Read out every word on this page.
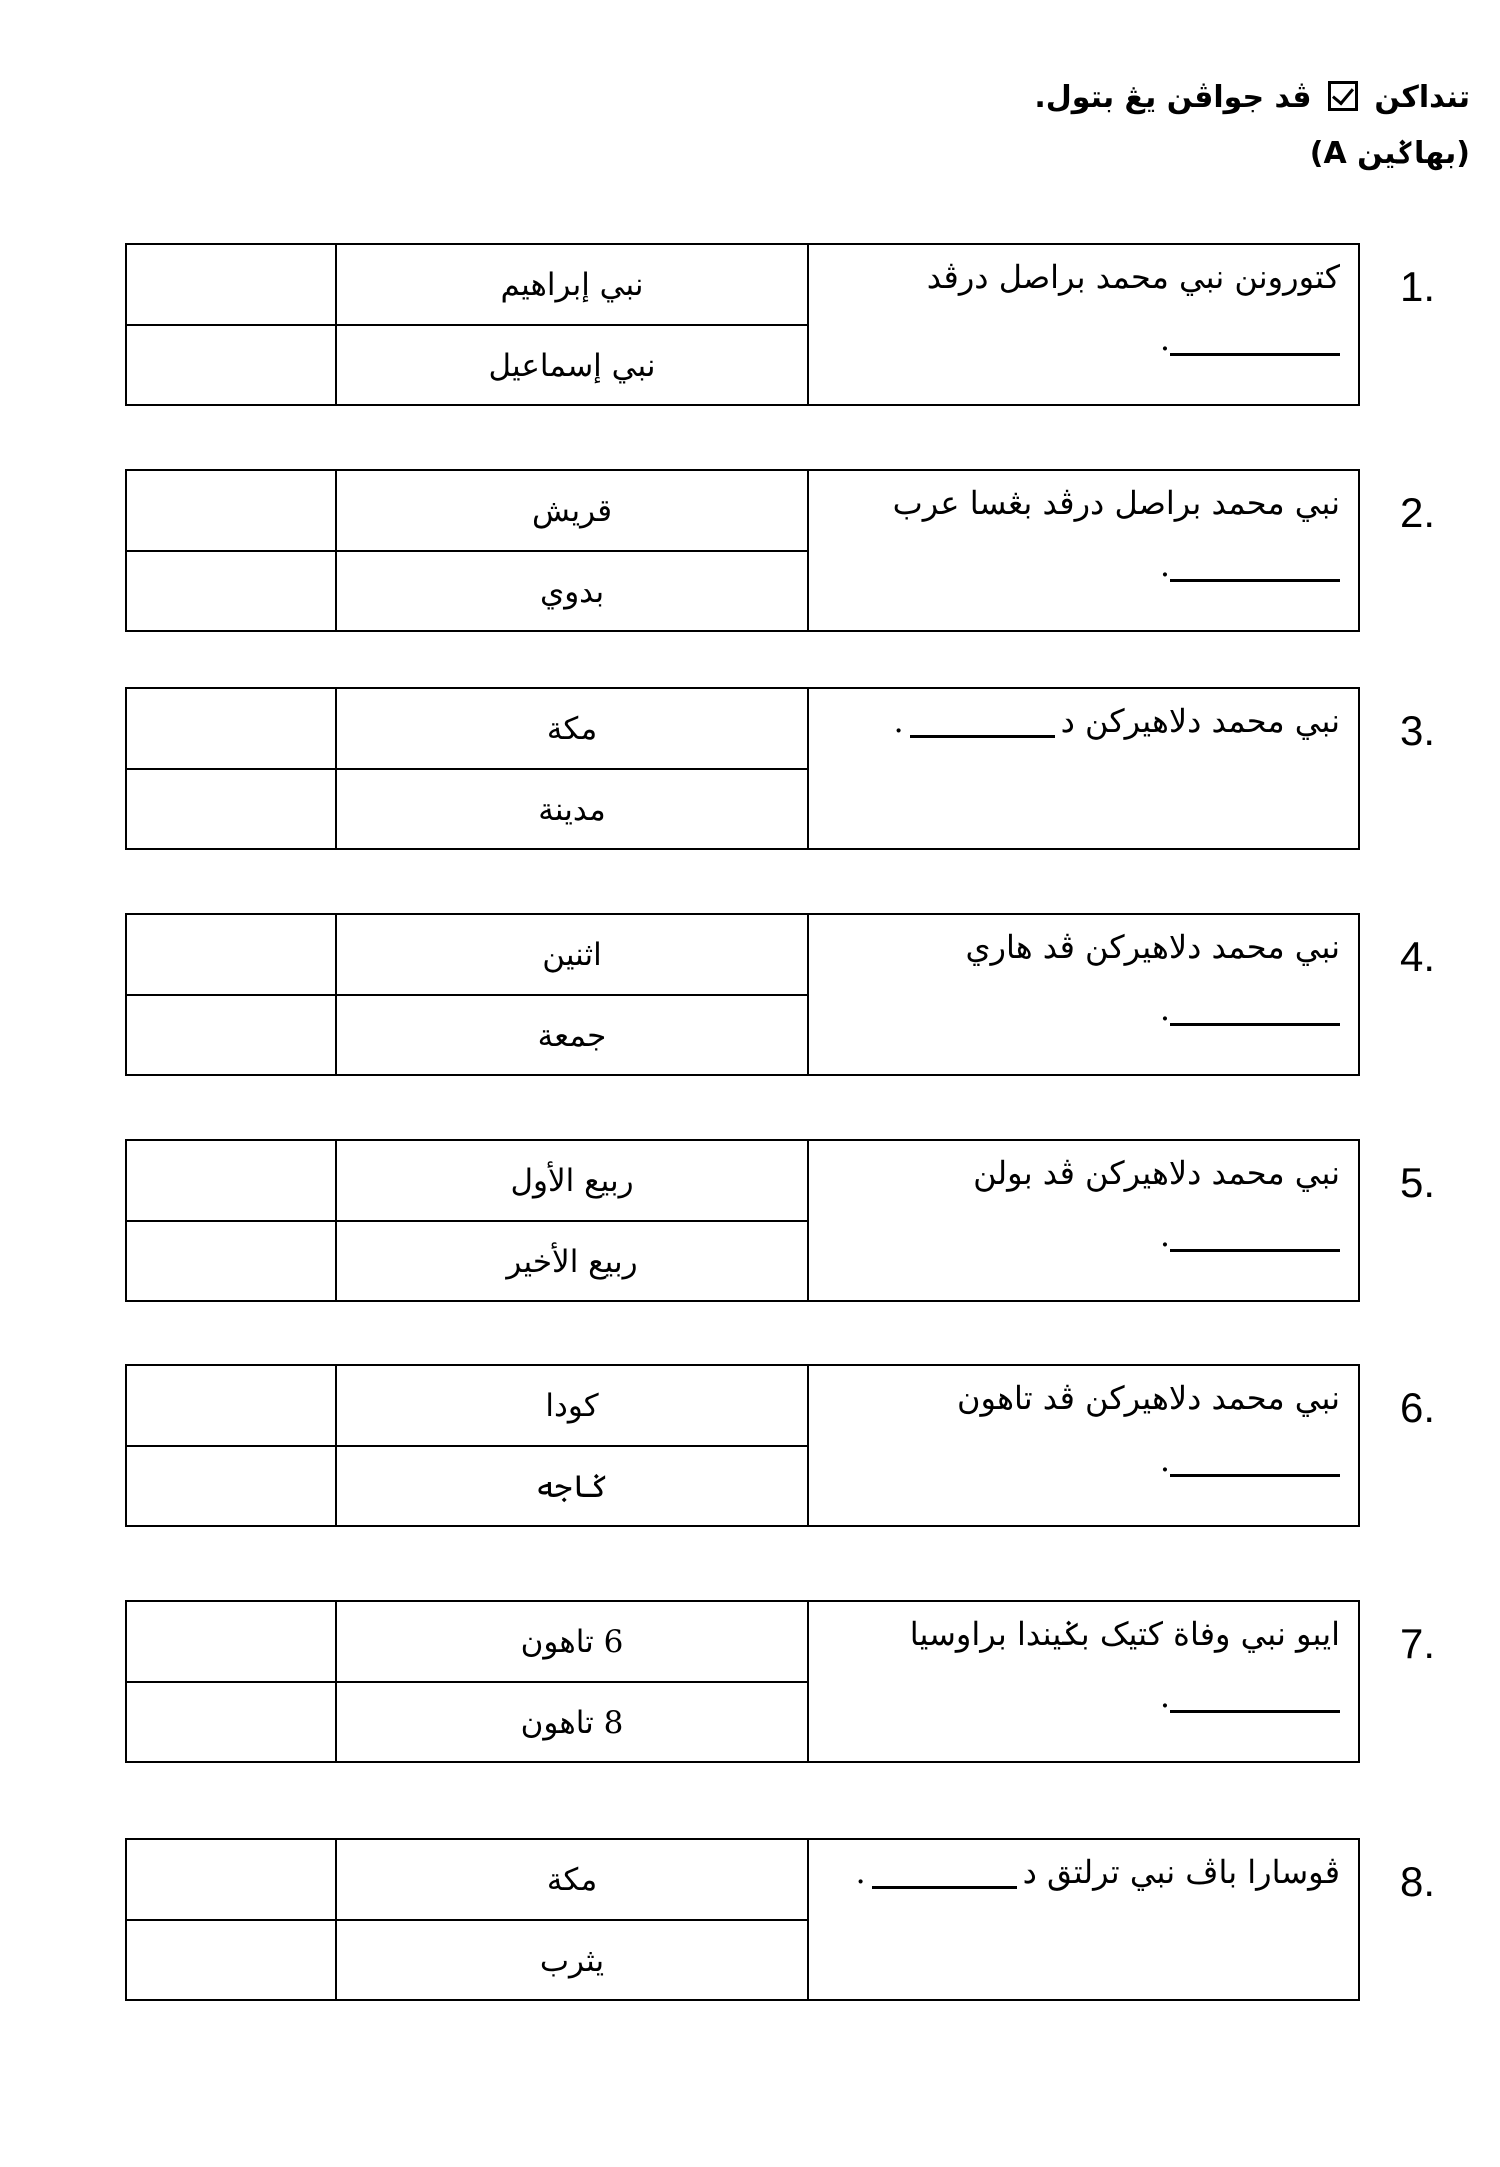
تنداكن  ڤد جواڤن يڠ بتول.
(بهاݢين A)
نبي إبراهيم
نبي إسماعيل
كتورونن نبي محمد براصل درڤد
.
1.
قريش
بدوي
نبي محمد براصل درڤد بڠسا عرب
.
2.
مكة
مدينة
نبي محمد دلاهيركن د.	3.
اثنين
جمعة
نبي محمد دلاهيركن ڤد هاري
.
4.
ربيع الأول
ربيع الأخير
نبي محمد دلاهيركن ڤد بولن
.
5.
كودا
ݢاجه
نبي محمد دلاهيركن ڤد تاهون
.
6.
6 تاهون
8 تاهون
ايبو نبي وفاة كتيک بݢيندا براوسيا
.
7.
مكة
يثرب
ڤوسارا باڤ نبي ترلتق د.	8.
